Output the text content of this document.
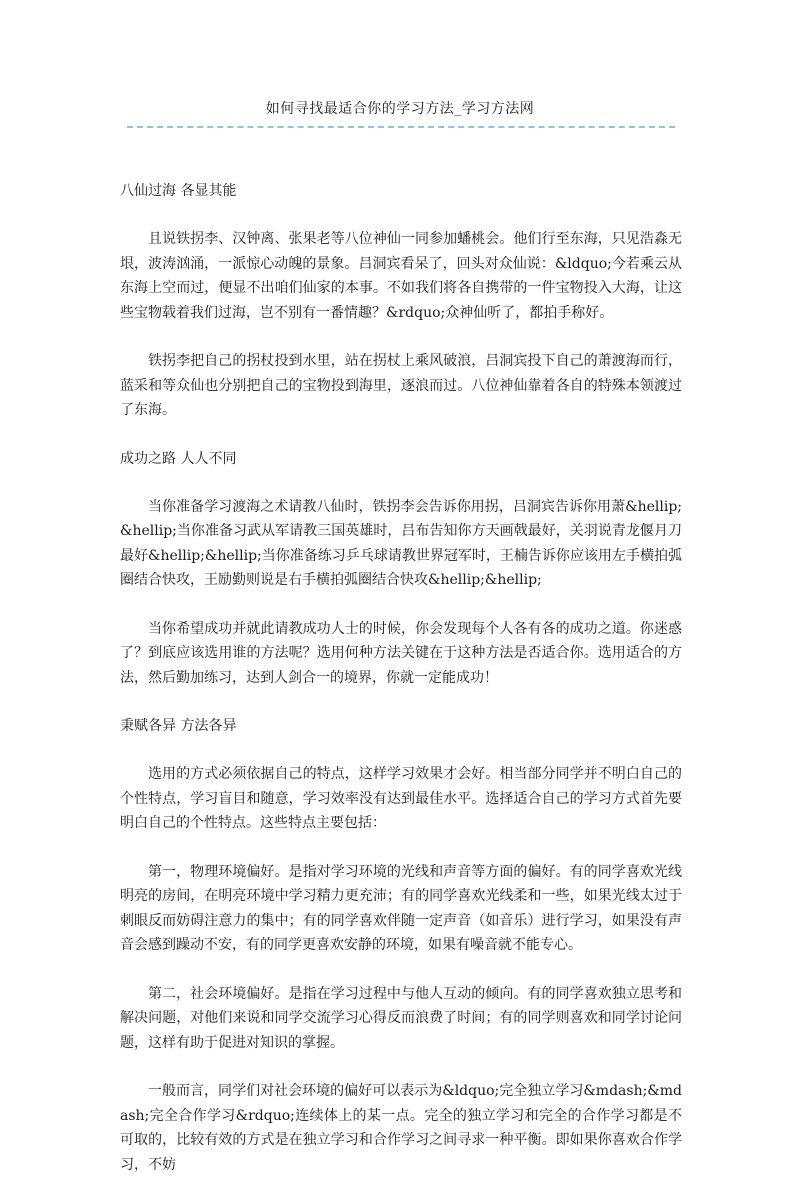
如何寻找最适合你的学习方法_学习方法网
八仙过海 各显其能

且说铁拐李、汉钟离、张果老等八位神仙一同参加蟠桃会。他们行至东海，只见浩淼无垠，波涛汹涌，一派惊心动魄的景象。吕洞宾看呆了，回头对众仙说：&ldquo;今若乘云从东海上空而过，便显不出咱们仙家的本事。不如我们将各自携带的一件宝物投入大海，让这些宝物载着我们过海，岂不别有一番情趣？&rdquo;众神仙听了，都拍手称好。

铁拐李把自己的拐杖投到水里，站在拐杖上乘风破浪，吕洞宾投下自己的萧渡海而行，蓝采和等众仙也分别把自己的宝物投到海里，逐浪而过。八位神仙靠着各自的特殊本领渡过了东海。

成功之路 人人不同

当你准备学习渡海之术请教八仙时，铁拐李会告诉你用拐，吕洞宾告诉你用萧&hellip;&hellip;当你准备习武从军请教三国英雄时，吕布告知你方天画戟最好，关羽说青龙偃月刀最好&hellip;&hellip;当你准备练习乒乓球请教世界冠军时，王楠告诉你应该用左手横拍弧圈结合快攻，王励勤则说是右手横拍弧圈结合快攻&hellip;&hellip;

当你希望成功并就此请教成功人士的时候，你会发现每个人各有各的成功之道。你迷惑了？到底应该选用谁的方法呢？选用何种方法关键在于这种方法是否适合你。选用适合的方法，然后勤加练习，达到人剑合一的境界，你就一定能成功！

秉赋各异 方法各异

选用的方式必须依据自己的特点，这样学习效果才会好。相当部分同学并不明白自己的个性特点，学习盲目和随意，学习效率没有达到最佳水平。选择适合自己的学习方式首先要明白自己的个性特点。这些特点主要包括：

第一，物理环境偏好。是指对学习环境的光线和声音等方面的偏好。有的同学喜欢光线明亮的房间，在明亮环境中学习精力更充沛；有的同学喜欢光线柔和一些，如果光线太过于刺眼反而妨碍注意力的集中；有的同学喜欢伴随一定声音（如音乐）进行学习，如果没有声音会感到躁动不安，有的同学更喜欢安静的环境，如果有噪音就不能专心。

第二，社会环境偏好。是指在学习过程中与他人互动的倾向。有的同学喜欢独立思考和解决问题，对他们来说和同学交流学习心得反而浪费了时间；有的同学则喜欢和同学讨论问题，这样有助于促进对知识的掌握。

一般而言，同学们对社会环境的偏好可以表示为&ldquo;完全独立学习&mdash;&mdash;完全合作学习&rdquo;连续体上的某一点。完全的独立学习和完全的合作学习都是不可取的，比较有效的方式是在独立学习和合作学习之间寻求一种平衡。即如果你喜欢合作学习，不妨
